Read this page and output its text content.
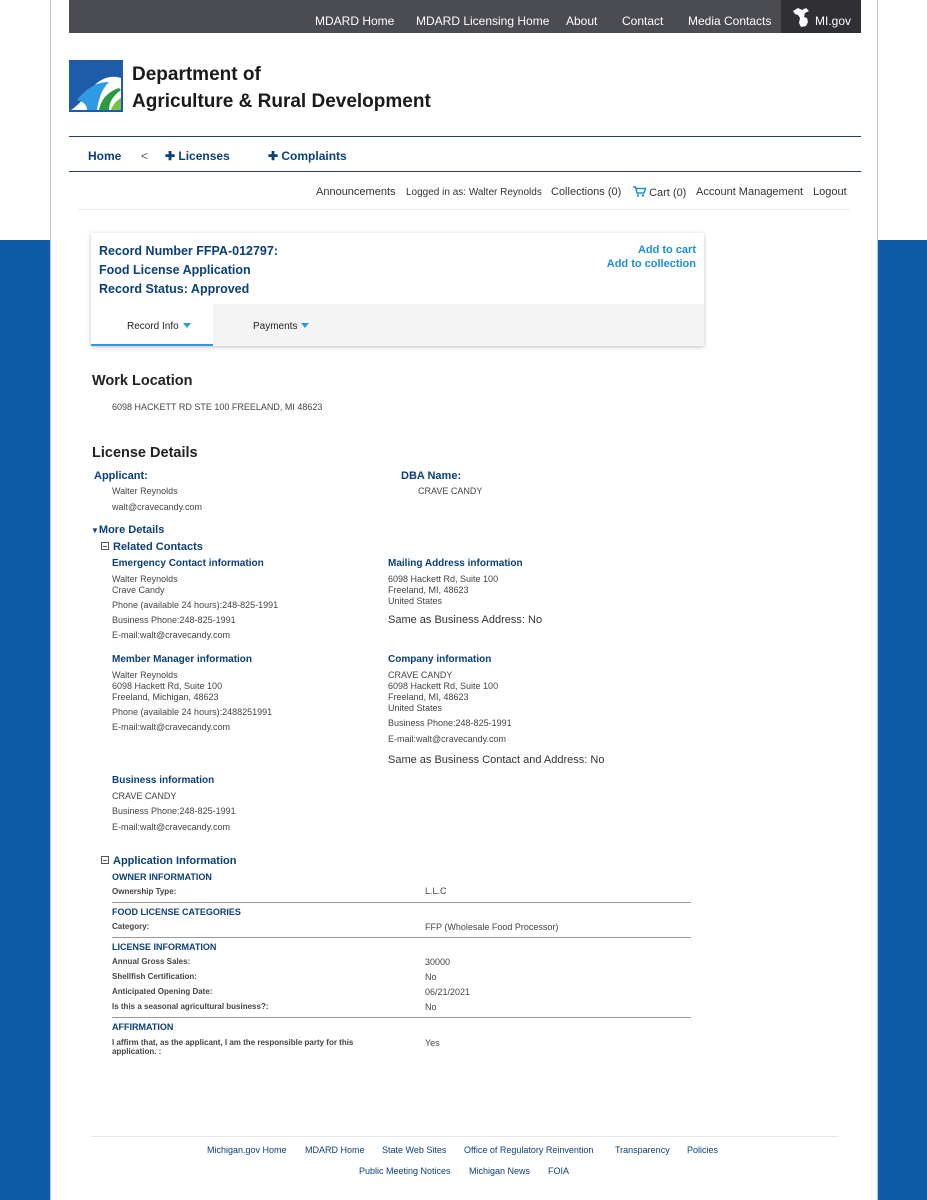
MDARD Home MDARD Licensing Home About Contact Media Contacts	MI.gov
Department of
Agriculture & Rural Development
Home < ✚ Licenses	✚ Complaints
Announcements Logged in as: Walter Reynolds Collections (0)	Cart (0) Account Management Logout
Record Number FFPA-012797:
Food License Application
Record Status: Approved
Add to cart
Add to collection
Record Info	Payments
Work Location
6098 HACKETT RD STE 100 FREELAND, MI 48623
License Details
Applicant:
Walter Reynolds
walt@cravecandy.com
DBA Name:
CRAVE CANDY
▼More Details
Related Contacts
Emergency Contact information
Walter Reynolds
Crave Candy
Phone (available 24 hours):248-825-1991
Business Phone:248-825-1991
E-mail:walt@cravecandy.com
Mailing Address information
6098 Hackett Rd, Suite 100
Freeland, MI, 48623
United States
Same as Business Address: No
Member Manager information
Walter Reynolds
6098 Hackett Rd, Suite 100
Freeland, Michigan, 48623
Phone (available 24 hours):2488251991
E-mail:walt@cravecandy.com
Company information
CRAVE CANDY
6098 Hackett Rd, Suite 100
Freeland, MI, 48623
United States
Business Phone:248-825-1991
E-mail:walt@cravecandy.com
Same as Business Contact and Address: No
Business information
CRAVE CANDY
Business Phone:248-825-1991
E-mail:walt@cravecandy.com
Application Information
OWNER INFORMATION
Ownership Type:	L.L.C
FOOD LICENSE CATEGORIES
Category:	FFP (Wholesale Food Processor)
LICENSE INFORMATION
Annual Gross Sales:	30000
Shellfish Certification:	No
Anticipated Opening Date:	06/21/2021
Is this a seasonal agricultural business?:	No
AFFIRMATION
I affirm that, as the applicant, I am the responsible party for this
application. :
Yes
Michigan.gov Home MDARD Home State Web Sites Office of Regulatory Reinvention Transparency Policies
Public Meeting Notices Michigan News FOIA
